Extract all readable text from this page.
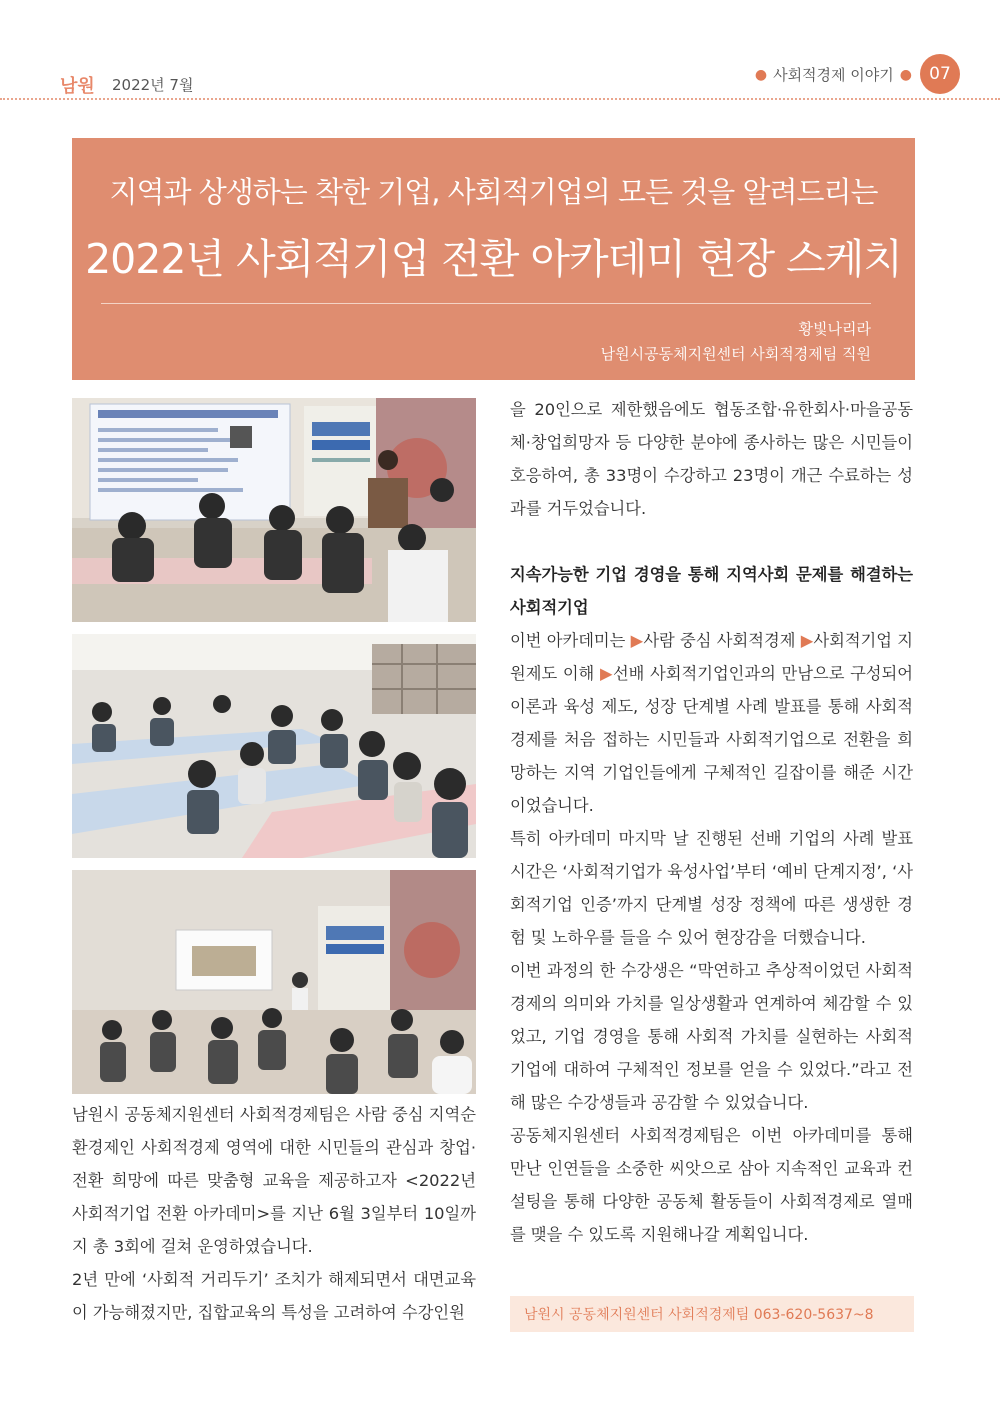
남원 2022년 7월
● 사회적경제 이야기 ●	07
지역과 상생하는 착한 기업, 사회적기업의 모든 것을 알려드리는
2022년 사회적기업 전환 아카데미 현장 스케치
황빛나리라
남원시공동체지원센터 사회적경제팀 직원

남원시 공동체지원센터 사회적경제팀은 사람 중심 지역순환경제인 사회적경제 영역에 대한 시민들의 관심과 창업·전환 희망에 따른 맞춤형 교육을 제공하고자 <2022년 사회적기업 전환 아카데미>를 지난 6월 3일부터 10일까지 총 3회에 걸쳐 운영하였습니다.

2년 만에 ‘사회적 거리두기’ 조치가 해제되면서 대면교육이 가능해졌지만, 집합교육의 특성을 고려하여 수강인원

을 20인으로 제한했음에도 협동조합·유한회사·마을공동체·창업희망자 등 다양한 분야에 종사하는 많은 시민들이 호응하여, 총 33명이 수강하고 23명이 개근 수료하는 성과를 거두었습니다.

지속가능한 기업 경영을 통해 지역사회 문제를 해결하는 사회적기업

이번 아카데미는 ▶사람 중심 사회적경제 ▶사회적기업 지원제도 이해 ▶선배 사회적기업인과의 만남으로 구성되어 이론과 육성 제도, 성장 단계별 사례 발표를 통해 사회적경제를 처음 접하는 시민들과 사회적기업으로 전환을 희망하는 지역 기업인들에게 구체적인 길잡이를 해준 시간이었습니다.

특히 아카데미 마지막 날 진행된 선배 기업의 사례 발표 시간은 ‘사회적기업가 육성사업’부터 ‘예비 단계지정’, ‘사회적기업 인증’까지 단계별 성장 정책에 따른 생생한 경험 및 노하우를 들을 수 있어 현장감을 더했습니다.

이번 과정의 한 수강생은 “막연하고 추상적이었던 사회적경제의 의미와 가치를 일상생활과 연계하여 체감할 수 있었고, 기업 경영을 통해 사회적 가치를 실현하는 사회적기업에 대하여 구체적인 정보를 얻을 수 있었다.”라고 전해 많은 수강생들과 공감할 수 있었습니다.

공동체지원센터 사회적경제팀은 이번 아카데미를 통해 만난 인연들을 소중한 씨앗으로 삼아 지속적인 교육과 컨설팅을 통해 다양한 공동체 활동들이 사회적경제로 열매를 맺을 수 있도록 지원해나갈 계획입니다.

남원시 공동체지원센터 사회적경제팀 063-620-5637~8
